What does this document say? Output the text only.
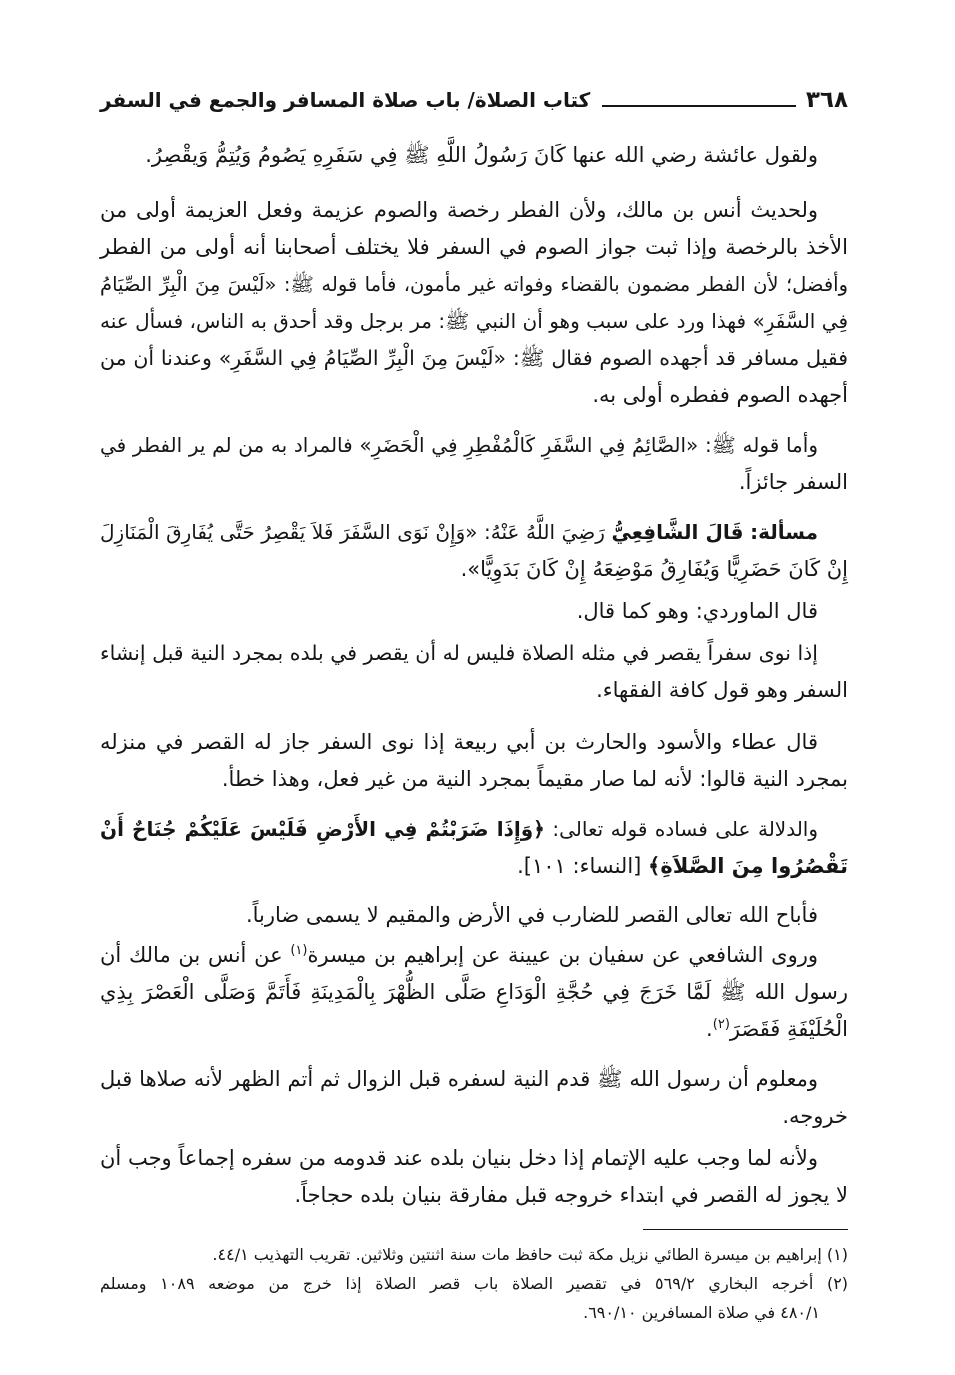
٣٦٨
كتاب الصلاة/ باب صلاة المسافر والجمع في السفر
ولقول عائشة رضي الله عنها كَانَ رَسُولُ اللَّهِ ﷺ فِي سَفَرِهِ يَصُومُ وَيُتِمُّ وَيقْصِرُ.
ولحديث أنس بن مالك، ولأن الفطر رخصة والصوم عزيمة وفعل العزيمة أولى من
الأخذ بالرخصة وإذا ثبت جواز الصوم في السفر فلا يختلف أصحابنا أنه أولى من الفطر
وأفضل؛ لأن الفطر مضمون بالقضاء وفواته غير مأمون، فأما قوله ﷺ: «لَيْسَ مِنَ الْبِرِّ الصِّيَامُ
فِي السَّفَرِ» فهذا ورد على سبب وهو أن النبي ﷺ: مر برجل وقد أحدق به الناس، فسأل عنه
فقيل مسافر قد أجهده الصوم فقال ﷺ: «لَيْسَ مِنَ الْبِرِّ الصِّيَامُ فِي السَّفَرِ» وعندنا أن من
أجهده الصوم ففطره أولى به.
وأما قوله ﷺ: «الصَّائِمُ فِي السَّفَرِ كَالْمُفْطِرِ فِي الْحَضَرِ» فالمراد به من لم ير الفطر في
السفر جائزاً.
مسألة: قَالَ الشَّافِعِيُّ رَضِيَ اللَّهُ عَنْهُ: «وَإِنْ نَوَى السَّفَرَ فَلاَ يَقْصِرُ حَتَّى يُفَارِقَ الْمَنَازِلَ
إِنْ كَانَ حَضَرِيًّا وَيُفَارِقُ مَوْضِعَهُ إِنْ كَانَ بَدَوِيًّا».
قال الماوردي: وهو كما قال.
إذا نوى سفراً يقصر في مثله الصلاة فليس له أن يقصر في بلده بمجرد النية قبل إنشاء
السفر وهو قول كافة الفقهاء.
قال عطاء والأسود والحارث بن أبي ربيعة إذا نوى السفر جاز له القصر في منزله
بمجرد النية قالوا: لأنه لما صار مقيماً بمجرد النية من غير فعل، وهذا خطأ.
والدلالة على فساده قوله تعالى: ﴿وَإِذَا ضَرَبْتُمْ فِي الأَرْضِ فَلَيْسَ عَلَيْكُمْ جُنَاحٌ أَنْ
تَقْصُرُوا مِنَ الصَّلاَةِ﴾ [النساء: ١٠١].
فأباح الله تعالى القصر للضارب في الأرض والمقيم لا يسمى ضارباً.
وروى الشافعي عن سفيان بن عيينة عن إبراهيم بن ميسرة$^{(١)}$ عن أنس بن مالك أن
رسول الله ﷺ لَمَّا خَرَجَ فِي حُجَّةِ الْوَدَاعِ صَلَّى الظُّهْرَ بِالْمَدِينَةِ فَأَتَمَّ وَصَلَّى الْعَصْرَ بِذِي
الْحُلَيْفَةِ فَقَصَرَ$^{(٢)}$.
ومعلوم أن رسول الله ﷺ قدم النية لسفره قبل الزوال ثم أتم الظهر لأنه صلاها قبل
خروجه.
ولأنه لما وجب عليه الإتمام إذا دخل بنيان بلده عند قدومه من سفره إجماعاً وجب أن
لا يجوز له القصر في ابتداء خروجه قبل مفارقة بنيان بلده حجاجاً.
(١) إبراهيم بن ميسرة الطائي نزيل مكة ثبت حافظ مات سنة اثنتين وثلاثين. تقريب التهذيب ٤٤/١.
(٢) أخرجه البخاري ٥٦٩/٢ في تقصير الصلاة باب قصر الصلاة إذا خرج من موضعه ١٠٨٩ ومسلم
٤٨٠/١ في صلاة المسافرين ٦٩٠/١٠.
